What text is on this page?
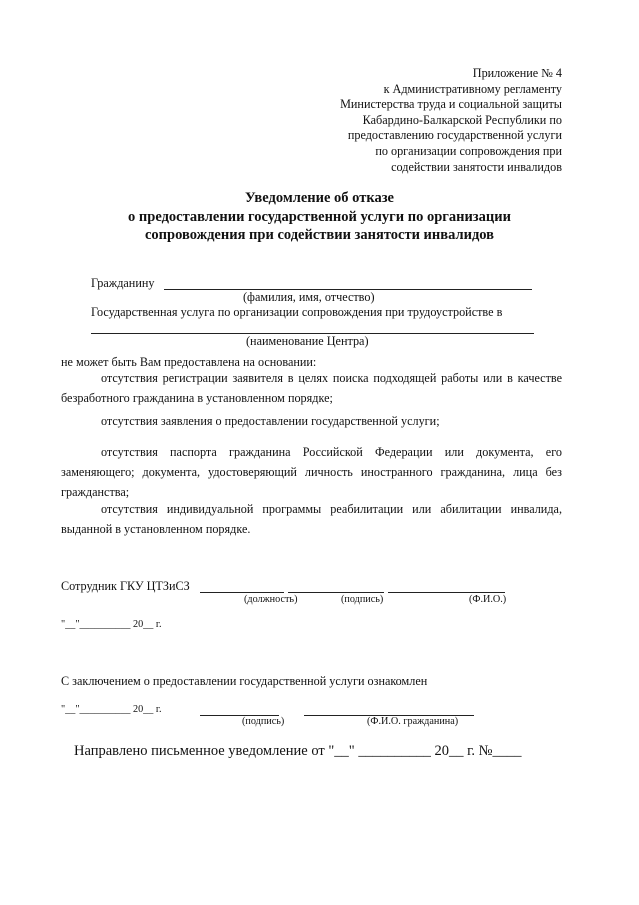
Приложение № 4
к Административному регламенту
Министерства труда и социальной защиты
Кабардино-Балкарской Республики по
предоставлению государственной услуги
по организации сопровождения при
содействии занятости инвалидов
Уведомление об отказе
о предоставлении государственной услуги по организации
сопровождения при содействии занятости инвалидов
Гражданину
(фамилия, имя, отчество)
Государственная услуга по организации сопровождения при трудоустройстве в
(наименование Центра)
не может быть Вам предоставлена на основании:
отсутствия регистрации заявителя в целях поиска подходящей работы или в качестве безработного гражданина в установленном порядке;
отсутствия заявления о предоставлении государственной услуги;
отсутствия паспорта гражданина Российской Федерации или документа, его заменяющего; документа, удостоверяющий личность иностранного гражданина, лица без гражданства;
отсутствия индивидуальной программы реабилитации или абилитации инвалида, выданной в установленном порядке.
Сотрудник ГКУ ЦТЗиСЗ
(должность)	(подпись)	(Ф.И.О.)
"__"__________ 20__ г.
С заключением о предоставлении государственной услуги ознакомлен
"__"__________ 20__ г.
(подпись)	(Ф.И.О. гражданина)
Направлено письменное уведомление от "__" __________ 20__ г. №____
